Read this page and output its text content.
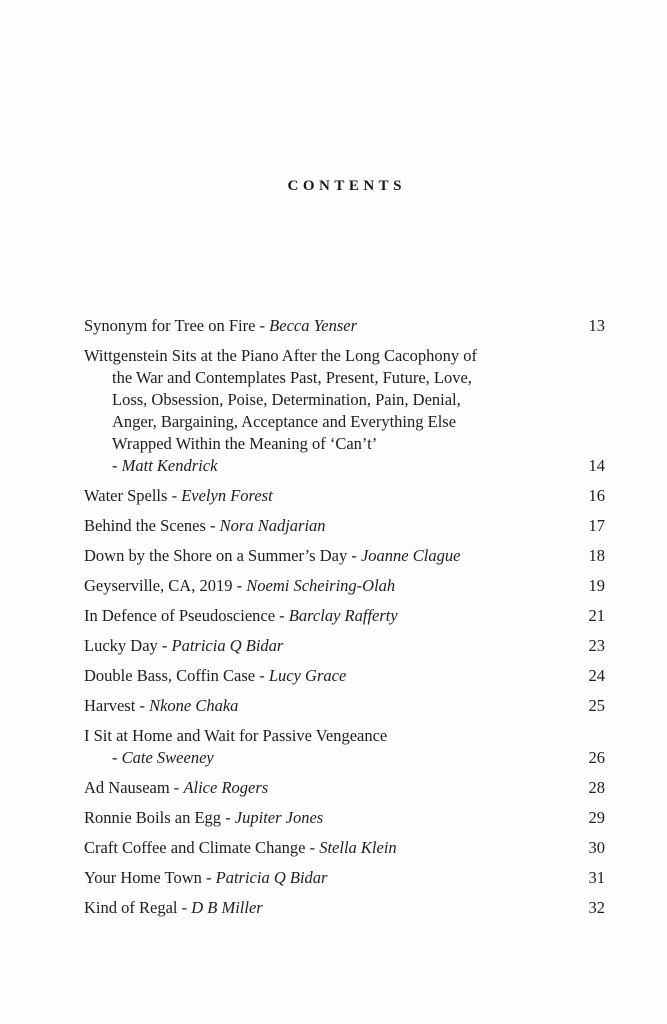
CONTENTS
Synonym for Tree on Fire - Becca Yenser	13
Wittgenstein Sits at the Piano After the Long Cacophony of
the War and Contemplates Past, Present, Future, Love,
Loss, Obsession, Poise, Determination, Pain, Denial,
Anger, Bargaining, Acceptance and Everything Else
Wrapped Within the Meaning of ‘Can’t’
- Matt Kendrick	14
Water Spells - Evelyn Forest	16
Behind the Scenes - Nora Nadjarian	17
Down by the Shore on a Summer’s Day - Joanne Clague	18
Geyserville, CA, 2019 - Noemi Scheiring-Olah	19
In Defence of Pseudoscience - Barclay Rafferty	21
Lucky Day - Patricia Q Bidar	23
Double Bass, Coffin Case - Lucy Grace	24
Harvest - Nkone Chaka	25
I Sit at Home and Wait for Passive Vengeance
- Cate Sweeney	26
Ad Nauseam - Alice Rogers	28
Ronnie Boils an Egg - Jupiter Jones	29
Craft Coffee and Climate Change - Stella Klein	30
Your Home Town - Patricia Q Bidar	31
Kind of Regal - D B Miller	32
